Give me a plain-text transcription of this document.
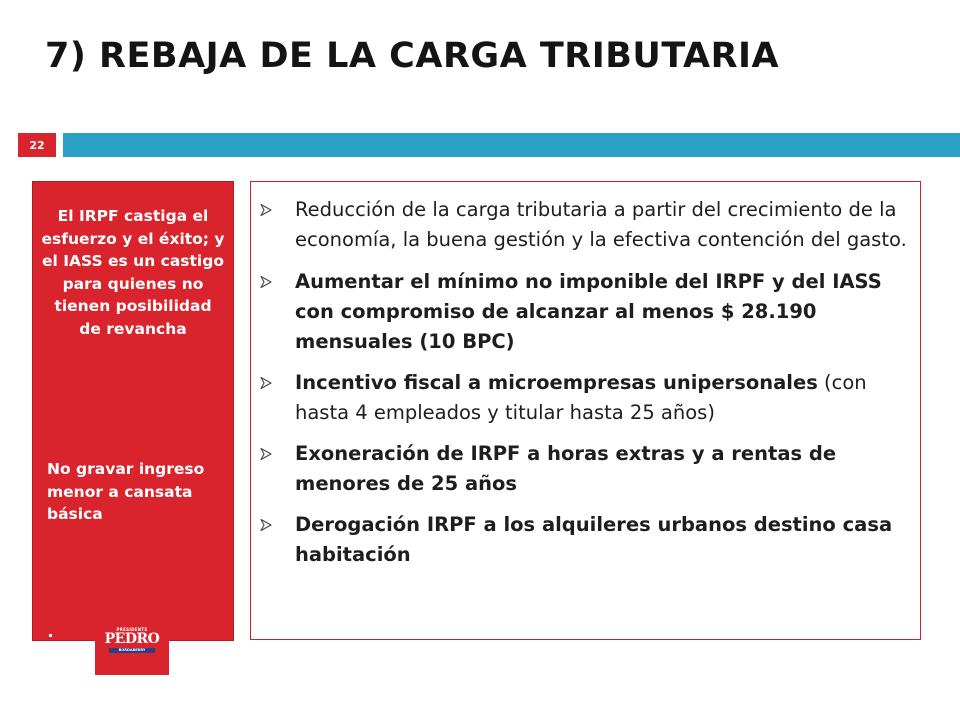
7) REBAJA DE LA CARGA TRIBUTARIA
22

El IRPF castiga el esfuerzo y el éxito; y el IASS es un castigo para quienes no tienen posibilidad de revancha

No gravar ingreso menor a cansata básica

PRESIDENTE
PEDRO
BORDABERRY
Reducción de la carga tributaria a partir del crecimiento de la economía, la buena gestión y la efectiva contención del gasto.
Aumentar el mínimo no imponible del IRPF y del IASS con compromiso de alcanzar al menos $ 28.190 mensuales (10 BPC)
Incentivo fiscal a microempresas unipersonales (con hasta 4 empleados y titular hasta 25 años)
Exoneración de IRPF a horas extras y a rentas de menores de 25 años
Derogación IRPF a los alquileres urbanos destino casa habitación
